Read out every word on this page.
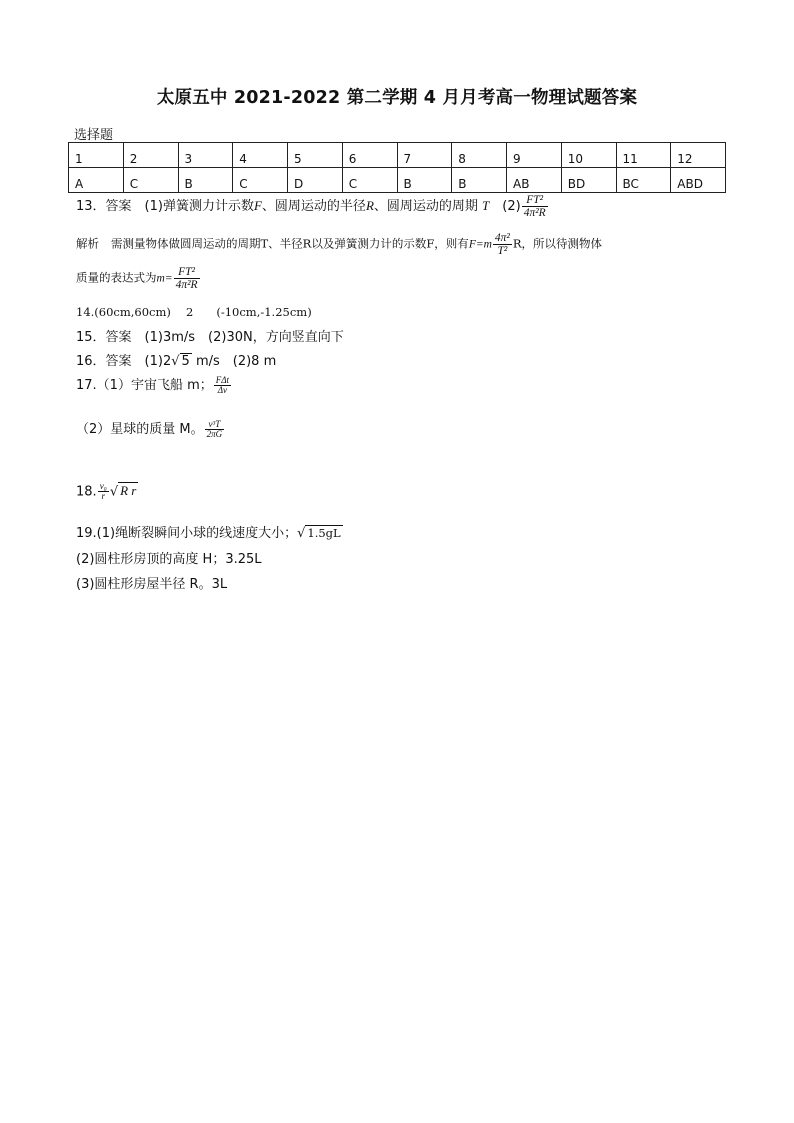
太原五中 2021-2022 第二学期 4 月月考高一物理试题答案
选择题
1	2	3	4	5	6	7	8	9	10	11	12
A	C	B	C	D	C	B	B	AB	BD	BC	ABD
13．答案　(1)弹簧测力计示数F、圆周运动的半径R、圆周运动的周期 T　 $(2) \frac{\text{FT²}}{\text{4π²R}}$
解析 需测量物体做圆周运动的周期T、半径R以及弹簧测力计的示数F，则有$F=m \frac{\text{4π²}}{\text{T²}}$ R，所以待测物体
质量的表达式为$m= \frac{\text{FT²}}{\text{4π²R}}$
14.(60cm,60cm)　 2　　(-10cm,-1.25cm)
15．答案　(1)3m/s　(2)30N，方向竖直向下
16．答案　(1)2√ 5 m/s　(2)8 m
17.（1）宇宙飞船 m； $\frac{\text{FΔt}}{\Delta v}$
（2）星球的质量 M。 $\frac{\text{v³T}}{2\pi G}$
18. $\frac{\text{v₀}}{r}$ √ R r
19.(1)绳断裂瞬间小球的线速度大小；√ 1.5gL
(2)圆柱形房顶的高度 H；3.25L
(3)圆柱形房屋半径 R。3L
